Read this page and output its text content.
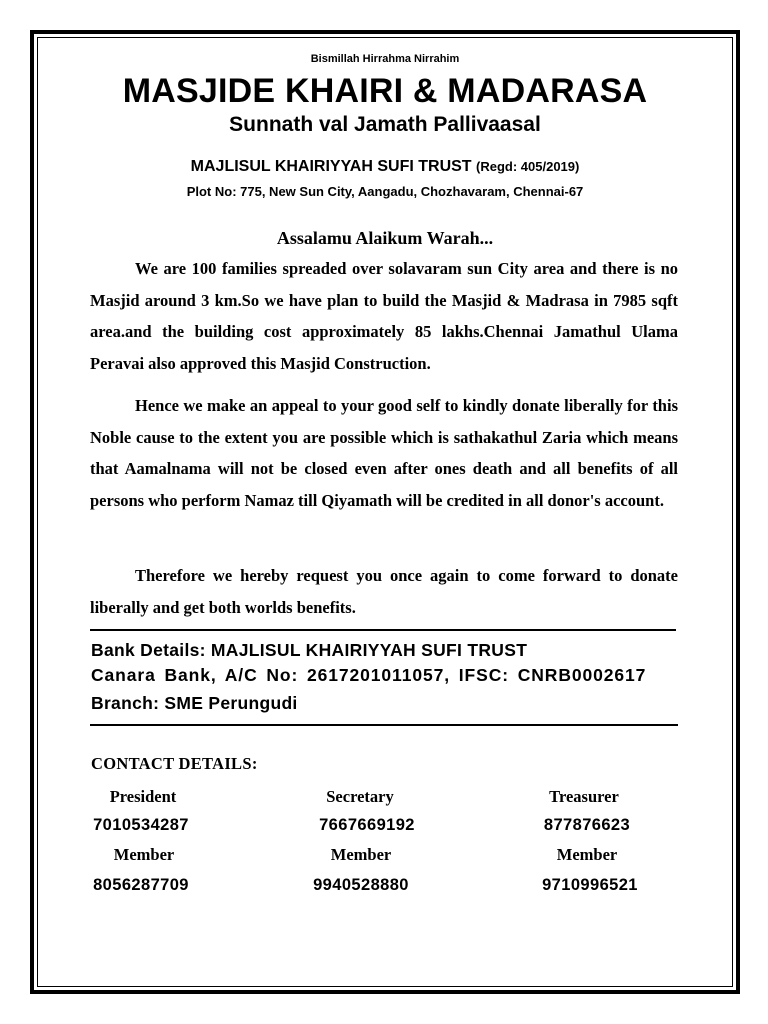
Bismillah Hirrahma Nirrahim
MASJIDE KHAIRI & MADARASA
Sunnath val Jamath Pallivaasal
MAJLISUL KHAIRIYYAH SUFI TRUST (Regd: 405/2019)
Plot No: 775, New Sun City, Aangadu, Chozhavaram, Chennai-67
Assalamu Alaikum Warah...
We are 100 families spreaded over solavaram sun City area and there is no Masjid around 3 km.So we have plan to build the Masjid & Madrasa in 7985 sqft area.and the building cost approximately 85 lakhs.Chennai Jamathul Ulama Peravai also approved this Masjid Construction.
Hence we make an appeal to your good self to kindly donate liberally for this Noble cause to the extent you are possible which is sathakathul Zaria which means that Aamalnama will not be closed even after ones death and all benefits of all persons who perform Namaz till Qiyamath will be credited in all donor's account.
Therefore we hereby request you once again to come forward to donate liberally and get both worlds benefits.
Bank Details: MAJLISUL KHAIRIYYAH SUFI TRUST
Canara Bank, A/C No: 2617201011057, IFSC: CNRB0002617
Branch: SME Perungudi
CONTACT DETAILS:
President	Secretary	Treasurer
7010534287	7667669192	877876623
Member	Member	Member
8056287709	9940528880	9710996521
